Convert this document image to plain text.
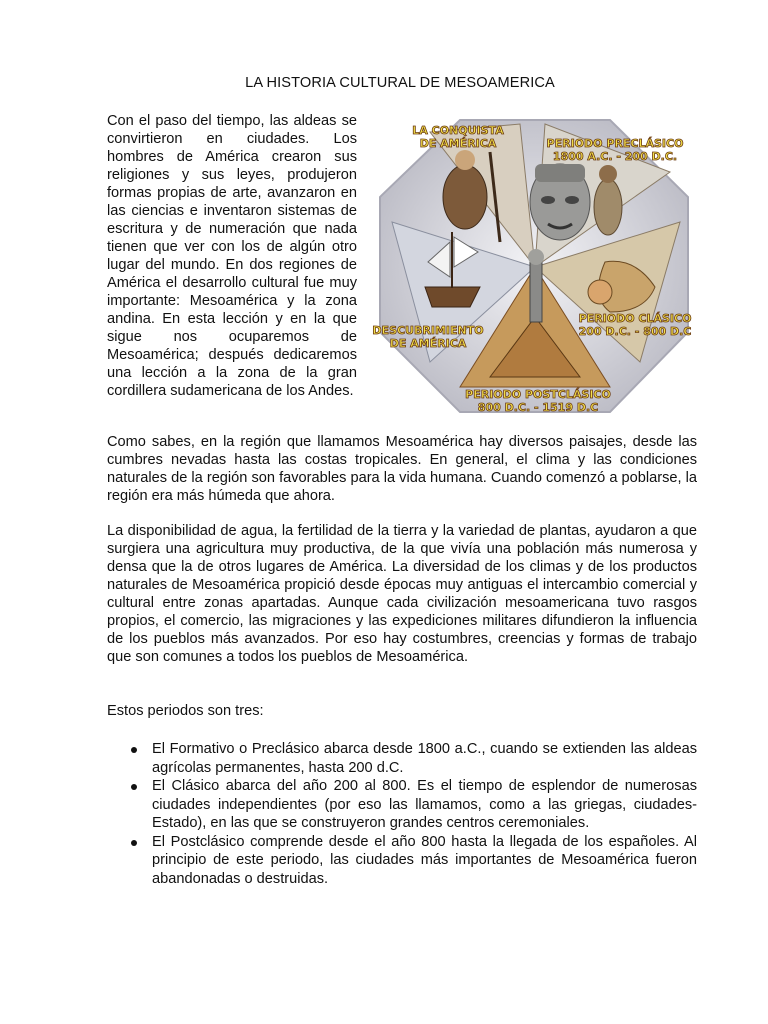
LA HISTORIA CULTURAL DE MESOAMERICA

Con el paso del tiempo, las aldeas se convirtieron en ciudades. Los hombres de América crearon sus religiones y sus leyes, produjeron formas propias de arte, avanzaron en las ciencias e inventaron sistemas de escritura y de numeración que nada tienen que ver con los de algún otro lugar del mundo. En dos regiones de América el desarrollo cultural fue muy importante: Mesoamérica y la zona andina. En esta lección y en la que sigue nos ocuparemos de Mesoamérica; después dedicaremos una lección a la zona de la gran cordillera sudamericana de los Andes.

LA CONQUISTA
DE AMÉRICA	PERIODO PRECLÁSICO
1800 A.C. - 200 D.C.
PERIODO CLÁSICO
200 D.C. - 800 D.C
PERIODO POSTCLÁSICO
800 D.C. - 1519 D.C
DESCUBRIMIENTO
DE AMÉRICA

Como sabes, en la región que llamamos Mesoamérica hay diversos paisajes, desde las cumbres nevadas hasta las costas tropicales. En general, el clima y las condiciones naturales de la región son favorables para la vida humana. Cuando comenzó a poblarse, la región era más húmeda que ahora.

La disponibilidad de agua, la fertilidad de la tierra y la variedad de plantas, ayudaron a que surgiera una agricultura muy productiva, de la que vivía una población más numerosa y densa que la de otros lugares de América. La diversidad de los climas y de los productos naturales de Mesoamérica propició desde épocas muy antiguas el intercambio comercial y cultural entre zonas apartadas. Aunque cada civilización mesoamericana tuvo rasgos propios, el comercio, las migraciones y las expediciones militares difundieron la influencia de los pueblos más avanzados. Por eso hay costumbres, creencias y formas de trabajo que son comunes a todos los pueblos de Mesoamérica.

Estos periodos son tres:

El Formativo o Preclásico abarca desde 1800 a.C., cuando se extienden las aldeas agrícolas permanentes, hasta 200 d.C.
El Clásico abarca del año 200 al 800. Es el tiempo de esplendor de numerosas ciudades independientes (por eso las llamamos, como a las griegas, ciudades-Estado), en las que se construyeron grandes centros ceremoniales.
El Postclásico comprende desde el año 800 hasta la llegada de los españoles. Al principio de este periodo, las ciudades más importantes de Mesoamérica fueron abandonadas o destruidas.
